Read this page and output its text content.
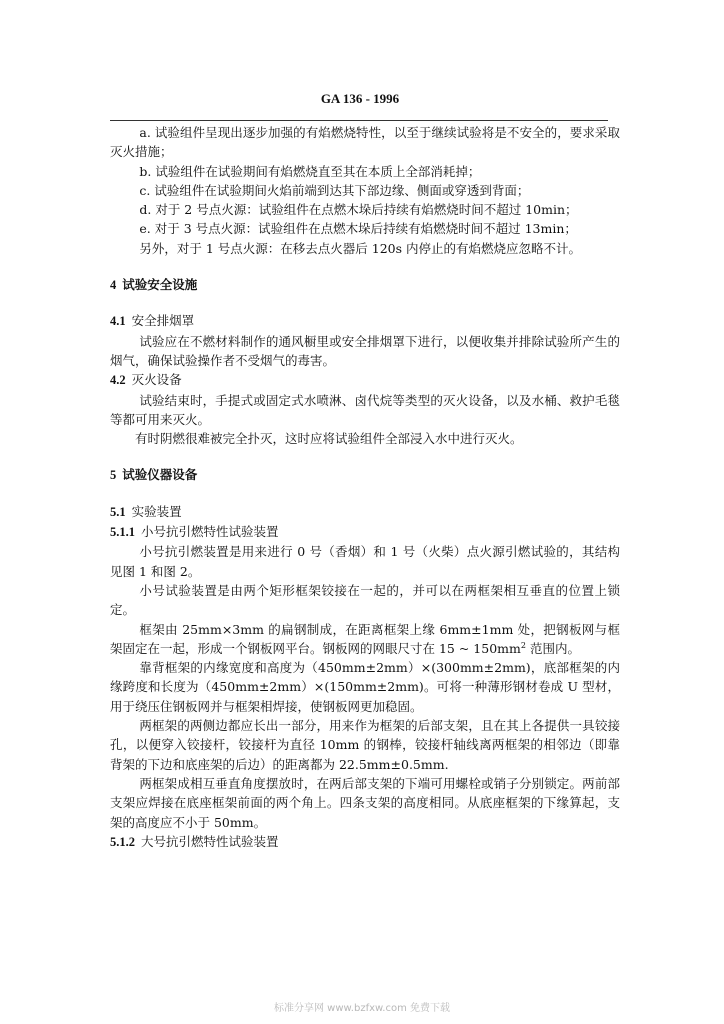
GA 136 - 1996

a. 试验组件呈现出逐步加强的有焰燃烧特性，以至于继续试验将是不安全的，要求采取灭火措施；

b. 试验组件在试验期间有焰燃烧直至其在本质上全部消耗掉；

c. 试验组件在试验期间火焰前端到达其下部边缘、侧面或穿透到背面；

d. 对于 2 号点火源：试验组件在点燃木垛后持续有焰燃烧时间不超过 10min；

e. 对于 3 号点火源：试验组件在点燃木垛后持续有焰燃烧时间不超过 13min；

另外，对于 1 号点火源：在移去点火器后 120s 内停止的有焰燃烧应忽略不计。

4 试验安全设施
4.1 安全排烟罩

试验应在不燃材料制作的通风橱里或安全排烟罩下进行，以便收集并排除试验所产生的烟气，确保试验操作者不受烟气的毒害。

4.2 灭火设备

试验结束时，手提式或固定式水喷淋、卤代烷等类型的灭火设备，以及水桶、救护毛毯等都可用来灭火。

有时阴燃很难被完全扑灭，这时应将试验组件全部浸入水中进行灭火。

5 试验仪器设备
5.1 实验装置
5.1.1 小号抗引燃特性试验装置

小号抗引燃装置是用来进行 0 号（香烟）和 1 号（火柴）点火源引燃试验的，其结构见图 1 和图 2。

小号试验装置是由两个矩形框架铰接在一起的，并可以在两框架相互垂直的位置上锁定。

框架由 25mm×3mm 的扁钢制成，在距离框架上缘 6mm±1mm 处，把钢板网与框架固定在一起，形成一个钢板网平台。钢板网的网眼尺寸在 15 ~ $150mm^2$ 范围内。

靠背框架的内缘宽度和高度为（450mm±2mm）×(300mm±2mm)，底部框架的内缘跨度和长度为（450mm±2mm）×(150mm±2mm)。可将一种薄形钢材卷成 U 型材，用于绕压住钢板网并与框架相焊接，使钢板网更加稳固。

两框架的两侧边都应长出一部分，用来作为框架的后部支架，且在其上各提供一具铰接孔，以便穿入铰接杆，铰接杆为直径 10mm 的钢棒，铰接杆轴线离两框架的相邻边（即靠背架的下边和底座架的后边）的距离都为 22.5mm±0.5mm.

两框架成相互垂直角度摆放时，在两后部支架的下端可用螺栓或销子分别锁定。两前部支架应焊接在底座框架前面的两个角上。四条支架的高度相同。从底座框架的下缘算起，支架的高度应不小于 50mm。

5.1.2 大号抗引燃特性试验装置
标准分享网 www.bzfxw.com 免费下载
